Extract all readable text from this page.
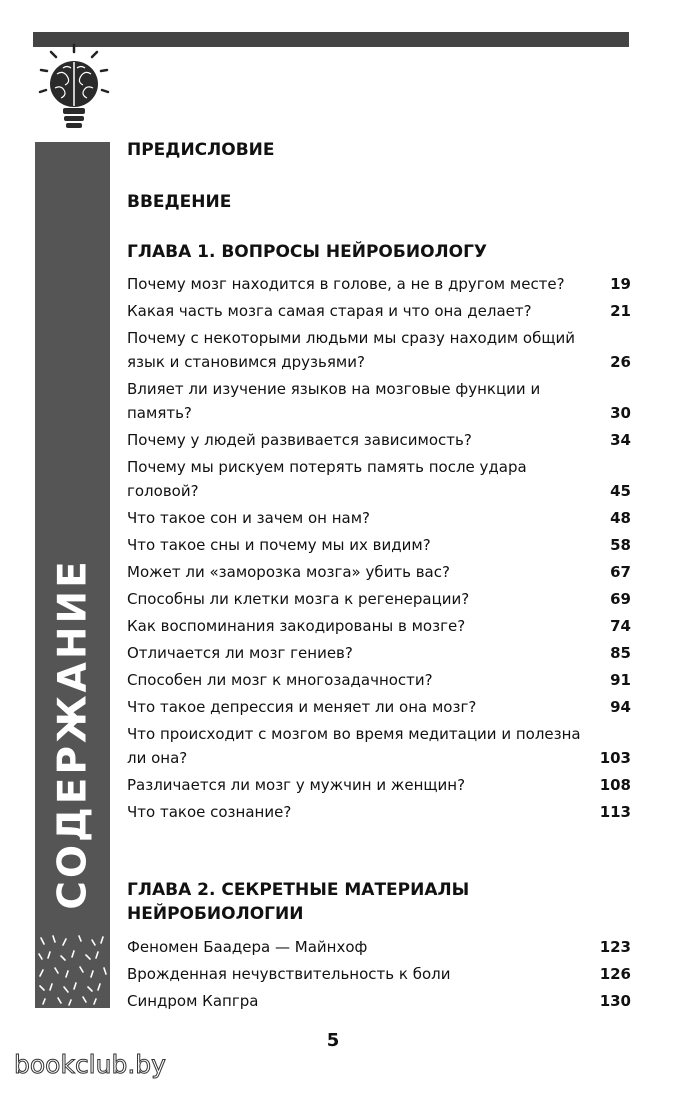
СОДЕРЖАНИЕ
ПРЕДИСЛОВИЕ
ВВЕДЕНИЕ
ГЛАВА 1. ВОПРОСЫ НЕЙРОБИОЛОГУ
Почему мозг находится в голове, а не в другом месте?	19
Какая часть мозга самая старая и что она делает?	21
Почему с некоторыми людьми мы сразу находим общий язык и становимся друзьями?	26
Влияет ли изучение языков на мозговые функции и память?	30
Почему у людей развивается зависимость?	34
Почему мы рискуем потерять память после удара головой?	45
Что такое сон и зачем он нам?	48
Что такое сны и почему мы их видим?	58
Может ли «заморозка мозга» убить вас?	67
Способны ли клетки мозга к регенерации?	69
Как воспоминания закодированы в мозге?	74
Отличается ли мозг гениев?	85
Способен ли мозг к многозадачности?	91
Что такое депрессия и меняет ли она мозг?	94
Что происходит с мозгом во время медитации и полезна ли она?	103
Различается ли мозг у мужчин и женщин?	108
Что такое сознание?	113
ГЛАВА 2. СЕКРЕТНЫЕ МАТЕРИАЛЫ НЕЙРОБИОЛОГИИ
Феномен Баадера — Майнхоф	123
Врожденная нечувствительность к боли	126
Синдром Капгра	130
5
bookclub.by
